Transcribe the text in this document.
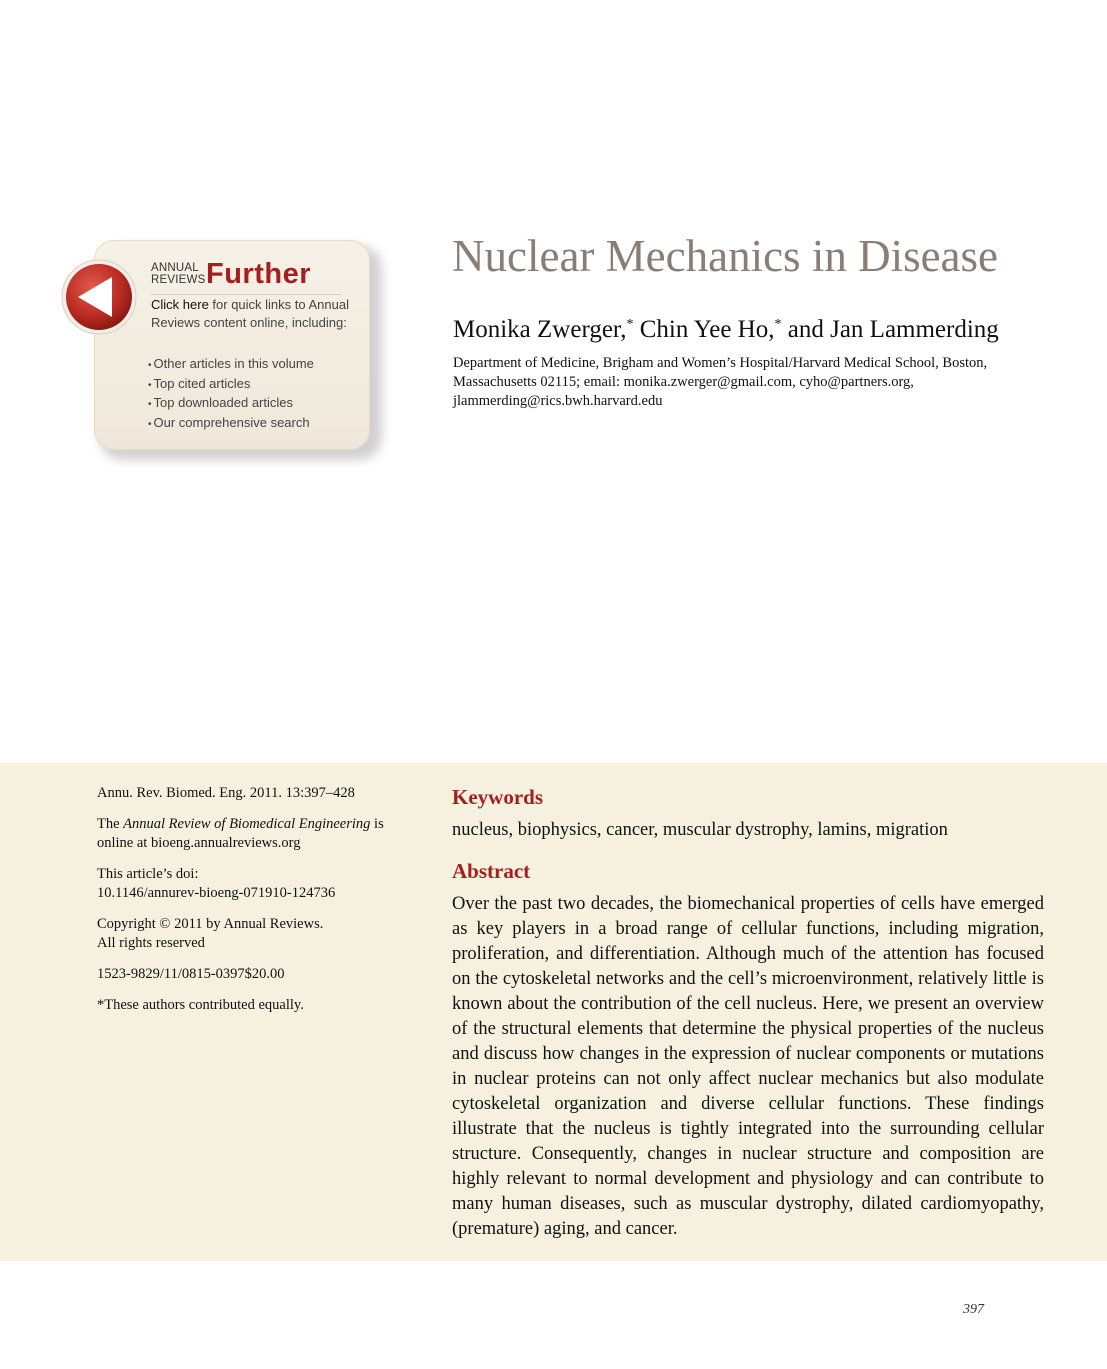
ANNUAL
REVIEWS Further
Click here for quick links to Annual Reviews content online, including:
• Other articles in this volume
• Top cited articles
• Top downloaded articles
• Our comprehensive search
Nuclear Mechanics in Disease

Monika Zwerger,* Chin Yee Ho,* and Jan Lammerding

Department of Medicine, Brigham and Women’s Hospital/Harvard Medical School, Boston, Massachusetts 02115; email: monika.zwerger@gmail.com, cyho@partners.org, jlammerding@rics.bwh.harvard.edu

Annu. Rev. Biomed. Eng. 2011. 13:397–428

The Annual Review of Biomedical Engineering is online at bioeng.annualreviews.org

This article’s doi:
10.1146/annurev-bioeng-071910-124736

Copyright © 2011 by Annual Reviews.
All rights reserved

1523-9829/11/0815-0397$20.00

*These authors contributed equally.

Keywords

nucleus, biophysics, cancer, muscular dystrophy, lamins, migration

Abstract

Over the past two decades, the biomechanical properties of cells have emerged as key players in a broad range of cellular functions, including migration, proliferation, and differentiation. Although much of the attention has focused on the cytoskeletal networks and the cell’s microenvironment, relatively little is known about the contribution of the cell nucleus. Here, we present an overview of the structural elements that determine the physical properties of the nucleus and discuss how changes in the expression of nuclear components or mutations in nuclear proteins can not only affect nuclear mechanics but also modulate cytoskeletal organization and diverse cellular functions. These findings illustrate that the nucleus is tightly integrated into the surrounding cellular structure. Consequently, changes in nuclear structure and composition are highly relevant to normal development and physiology and can contribute to many human diseases, such as muscular dystrophy, dilated cardiomyopathy, (premature) aging, and cancer.

397
